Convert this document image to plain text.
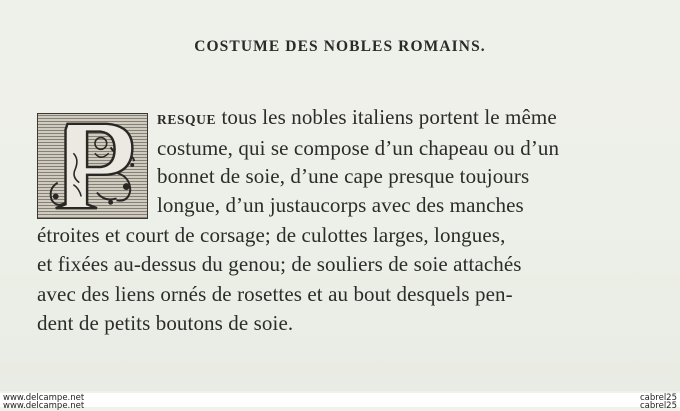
COSTUME DES NOBLES ROMAINS.
RESQUE tous les nobles italiens portent le même
costume, qui se compose d’un chapeau ou d’un
bonnet de soie, d’une cape presque toujours
longue, d’un justaucorps avec des manches
étroites et court de corsage; de culottes larges, longues,
et fixées au-dessus du genou; de souliers de soie attachés
avec des liens ornés de rosettes et au bout desquels pen-
dent de petits boutons de soie.
www.delcampe.net
www.delcampe.net
cabrel25
cabrel25
